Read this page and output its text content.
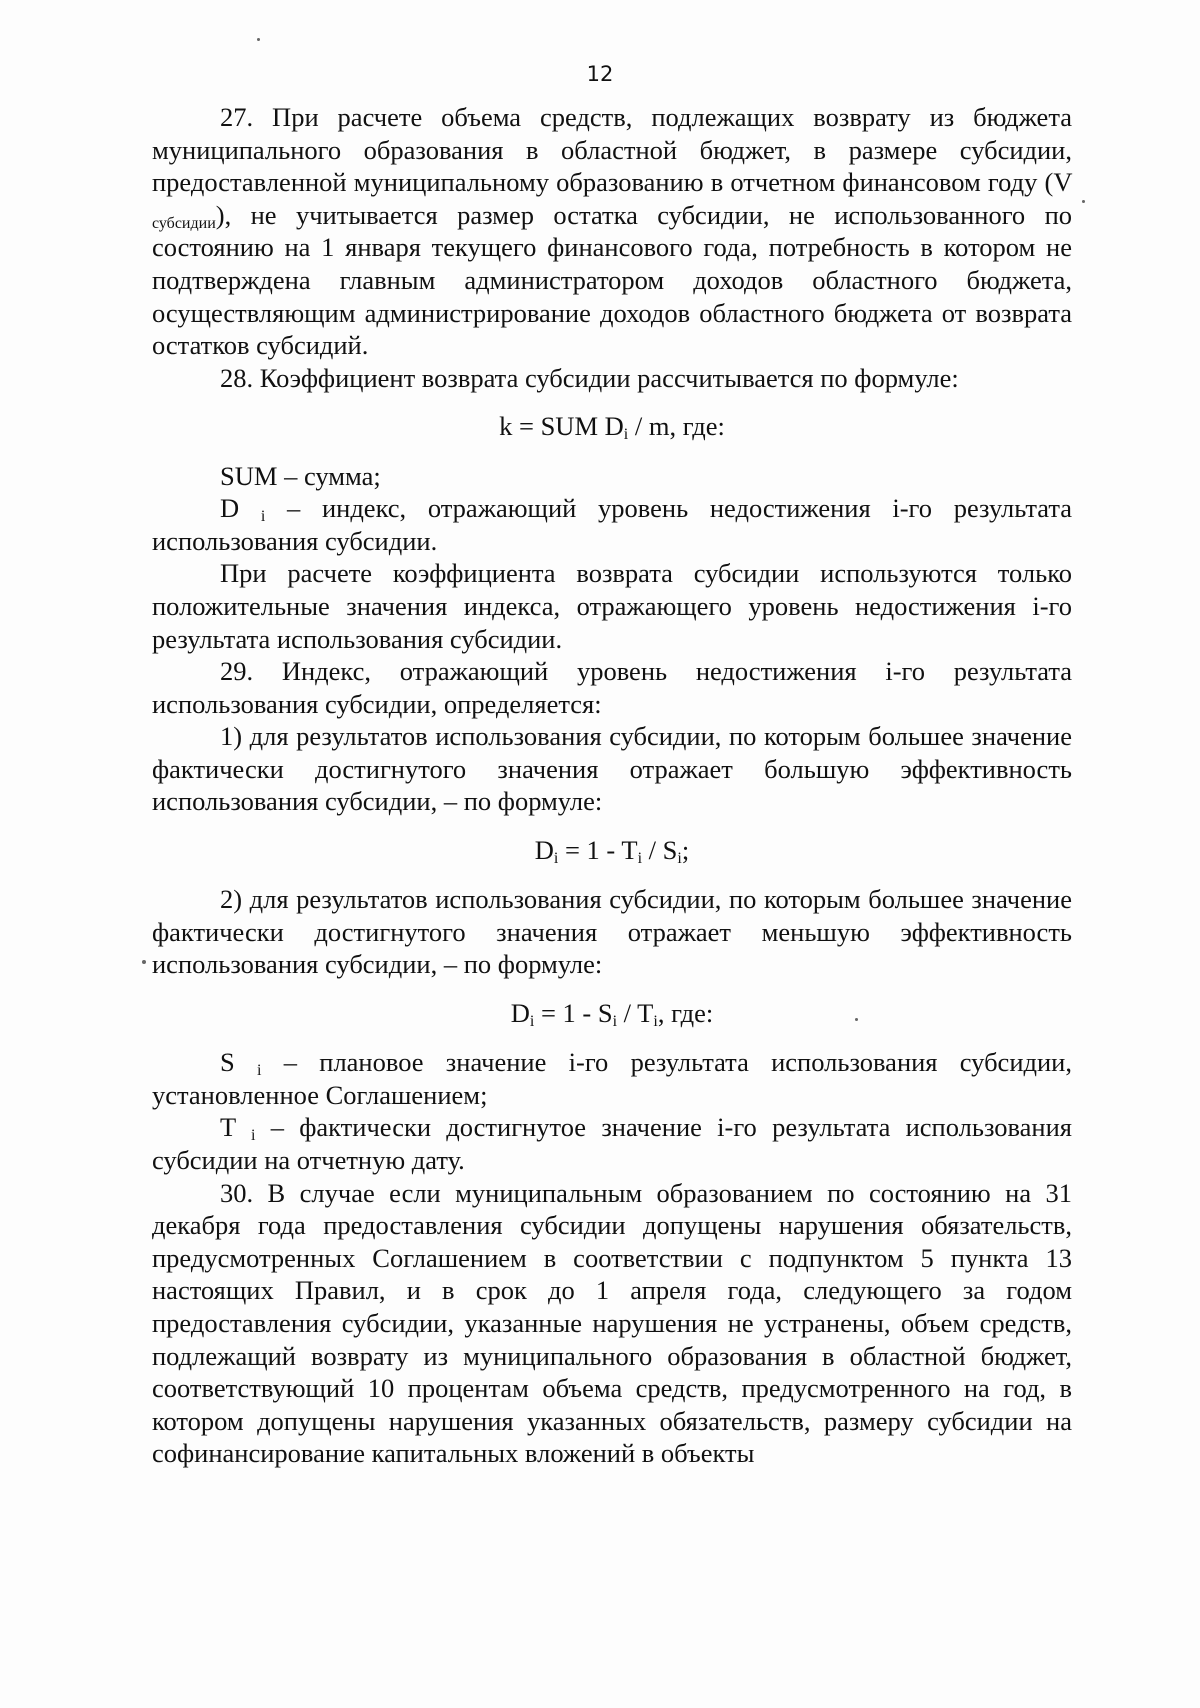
12

27. При расчете объема средств, подлежащих возврату из бюджета муниципального образования в областной бюджет, в размере субсидии, предоставленной муниципальному образованию в отчетном финансовом году (V $_{субсидии}$), не учитывается размер остатка субсидии, не использованного по состоянию на 1 января текущего финансового года, потребность в котором не подтверждена главным администратором доходов областного бюджета, осуществляющим администрирование доходов областного бюджета от возврата остатков субсидий.

28. Коэффициент возврата субсидии рассчитывается по формуле:

k = SUM $D_i$ / m, где:

SUM – сумма;

D $_i$ – индекс, отражающий уровень недостижения i-го результата использования субсидии.

При расчете коэффициента возврата субсидии используются только положительные значения индекса, отражающего уровень недостижения i-го результата использования субсидии.

29. Индекс, отражающий уровень недостижения i-го результата использования субсидии, определяется:

1) для результатов использования субсидии, по которым большее значение фактически достигнутого значения отражает большую эффективность использования субсидии, – по формуле:

$D_i = 1 - T_i / S_i$;

2) для результатов использования субсидии, по которым большее значение фактически достигнутого значения отражает меньшую эффективность использования субсидии, – по формуле:

$D_i = 1 - S_i / T_i$, где:

S $_i$ – плановое значение i-го результата использования субсидии, установленное Соглашением;

T $_i$ – фактически достигнутое значение i-го результата использования субсидии на отчетную дату.

30. В случае если муниципальным образованием по состоянию на 31 декабря года предоставления субсидии допущены нарушения обязательств, предусмотренных Соглашением в соответствии с подпунктом 5 пункта 13 настоящих Правил, и в срок до 1 апреля года, следующего за годом предоставления субсидии, указанные нарушения не устранены, объем средств, подлежащий возврату из муниципального образования в областной бюджет, соответствующий 10 процентам объема средств, предусмотренного на год, в котором допущены нарушения указанных обязательств, размеру субсидии на софинансирование капитальных вложений в объекты
